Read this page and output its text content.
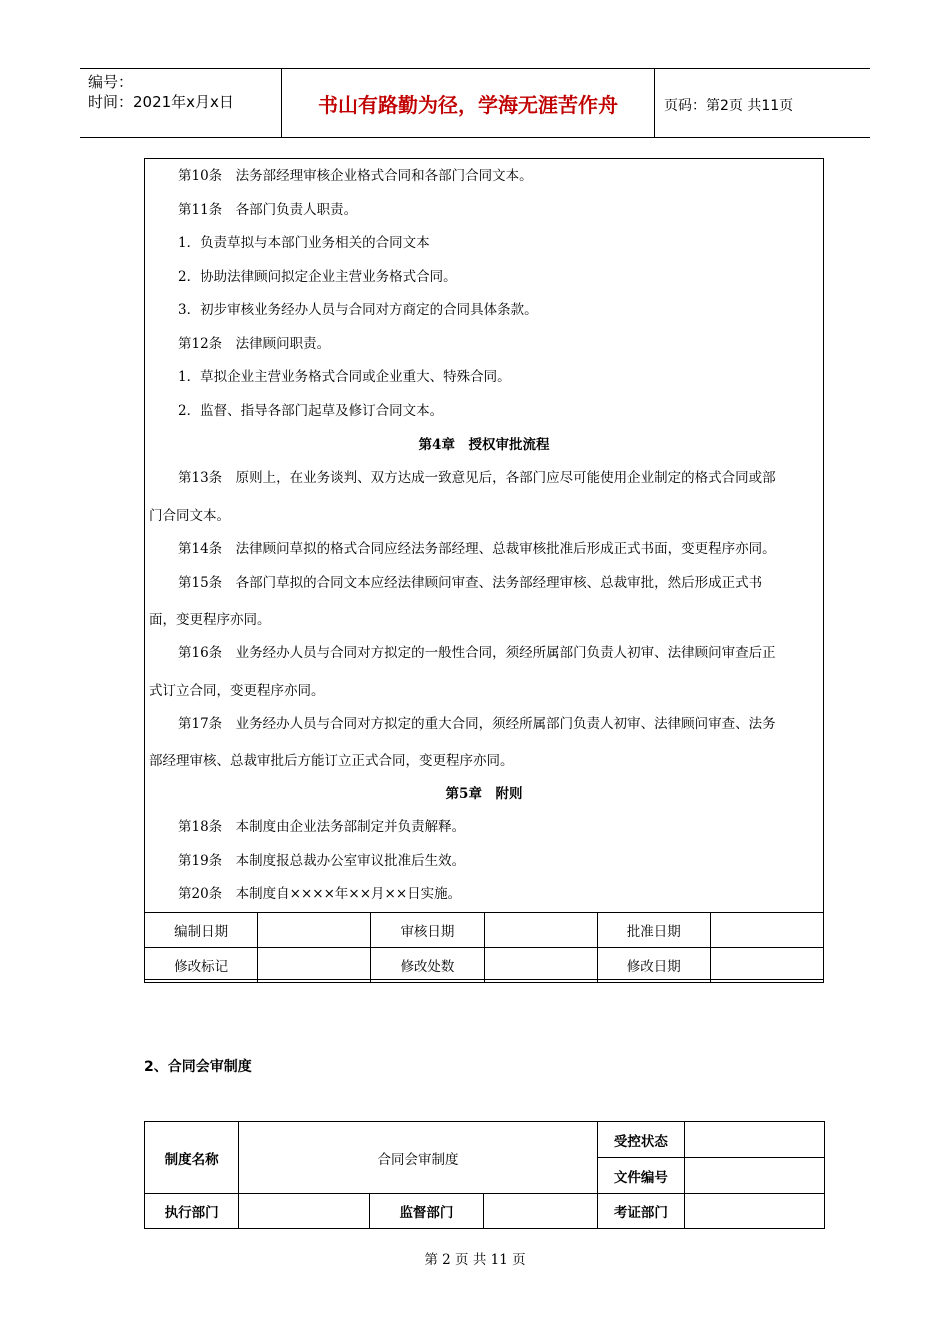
编号：
时间：2021年x月x日	书山有路勤为径，学海无涯苦作舟	页码：第2页 共11页
第10条　法务部经理审核企业格式合同和各部门合同文本。
第11条　各部门负责人职责。
1．负责草拟与本部门业务相关的合同文本
2．协助法律顾问拟定企业主营业务格式合同。
3．初步审核业务经办人员与合同对方商定的合同具体条款。
第12条　法律顾问职责。
1．草拟企业主营业务格式合同或企业重大、特殊合同。
2．监督、指导各部门起草及修订合同文本。
第4章　授权审批流程
第13条　原则上，在业务谈判、双方达成一致意见后，各部门应尽可能使用企业制定的格式合同或部
门合同文本。
第14条　法律顾问草拟的格式合同应经法务部经理、总裁审核批准后形成正式书面，变更程序亦同。
第15条　各部门草拟的合同文本应经法律顾问审查、法务部经理审核、总裁审批，然后形成正式书
面，变更程序亦同。
第16条　业务经办人员与合同对方拟定的一般性合同，须经所属部门负责人初审、法律顾问审查后正
式订立合同，变更程序亦同。
第17条　业务经办人员与合同对方拟定的重大合同，须经所属部门负责人初审、法律顾问审查、法务
部经理审核、总裁审批后方能订立正式合同，变更程序亦同。
第5章　附则
第18条　本制度由企业法务部制定并负责解释。
第19条　本制度报总裁办公室审议批准后生效。
第20条　本制度自××××年××月××日实施。
编制日期		审核日期		批准日期	
修改标记		修改处数		修改日期	
2、合同会审制度
制度名称	合同会审制度			受控状态	
				文件编号	
执行部门		监督部门		考证部门	
第 2 页 共 11 页
